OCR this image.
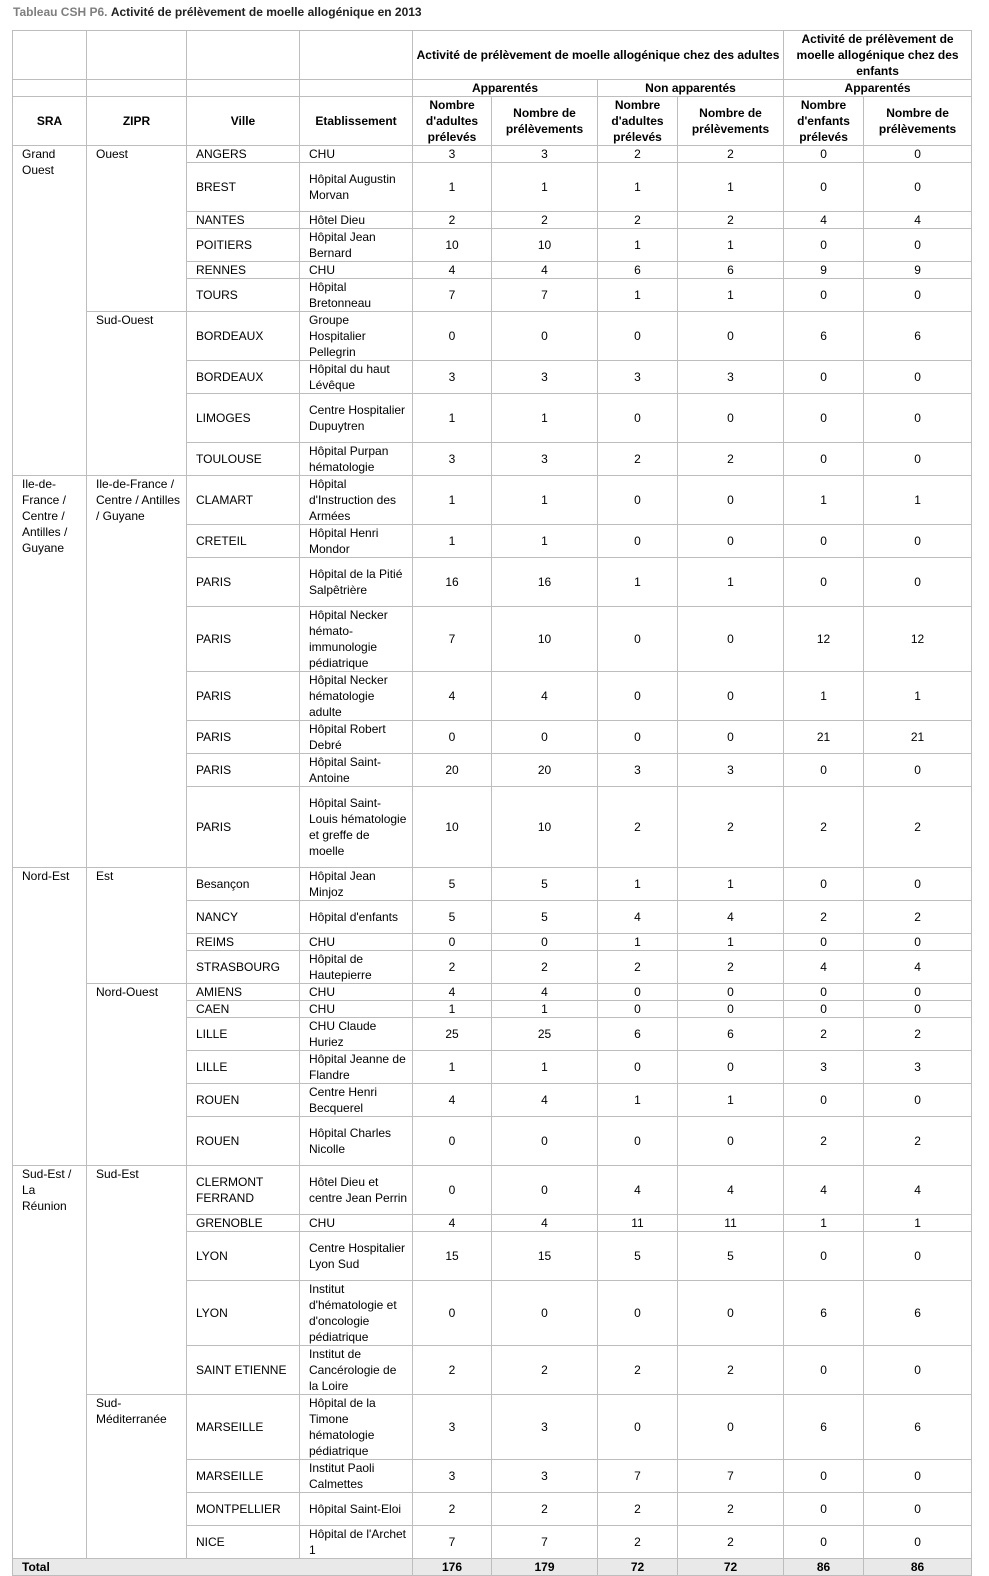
Tableau CSH P6. Activité de prélèvement de moelle allogénique en 2013
				Activité de prélèvement de moelle allogénique chez des adultes				Activité de prélèvement de moelle allogénique chez des enfants	
				Apparentés		Non apparentés		Apparentés	
SRA	ZIPR	Ville	Etablissement	Nombre d'adultes prélevés	Nombre de prélèvements	Nombre d'adultes prélevés	Nombre de prélèvements	Nombre d'enfants prélevés	Nombre de prélèvements
Grand Ouest	Ouest	ANGERS	CHU	3	3	2	2	0	0
		BREST	Hôpital Augustin Morvan	1	1	1	1	0	0
		NANTES	Hôtel Dieu	2	2	2	2	4	4
		POITIERS	Hôpital Jean Bernard	10	10	1	1	0	0
		RENNES	CHU	4	4	6	6	9	9
		TOURS	Hôpital Bretonneau	7	7	1	1	0	0
	Sud-Ouest	BORDEAUX	Groupe Hospitalier Pellegrin	0	0	0	0	6	6
		BORDEAUX	Hôpital du haut Lévêque	3	3	3	3	0	0
		LIMOGES	Centre Hospitalier Dupuytren	1	1	0	0	0	0
		TOULOUSE	Hôpital Purpan hématologie	3	3	2	2	0	0
Ile-de-France / Centre / Antilles / Guyane	Ile-de-France / Centre / Antilles / Guyane	CLAMART	Hôpital d'Instruction des Armées	1	1	0	0	1	1
		CRETEIL	Hôpital Henri Mondor	1	1	0	0	0	0
		PARIS	Hôpital de la Pitié Salpêtrière	16	16	1	1	0	0
		PARIS	Hôpital Necker hémato-immunologie pédiatrique	7	10	0	0	12	12
		PARIS	Hôpital Necker hématologie adulte	4	4	0	0	1	1
		PARIS	Hôpital Robert Debré	0	0	0	0	21	21
		PARIS	Hôpital Saint-Antoine	20	20	3	3	0	0
		PARIS	Hôpital Saint-Louis hématologie et greffe de moelle	10	10	2	2	2	2
Nord-Est	Est	Besançon	Hôpital Jean Minjoz	5	5	1	1	0	0
		NANCY	Hôpital d'enfants	5	5	4	4	2	2
		REIMS	CHU	0	0	1	1	0	0
		STRASBOURG	Hôpital de Hautepierre	2	2	2	2	4	4
	Nord-Ouest	AMIENS	CHU	4	4	0	0	0	0
		CAEN	CHU	1	1	0	0	0	0
		LILLE	CHU Claude Huriez	25	25	6	6	2	2
		LILLE	Hôpital Jeanne de Flandre	1	1	0	0	3	3
		ROUEN	Centre Henri Becquerel	4	4	1	1	0	0
		ROUEN	Hôpital Charles Nicolle	0	0	0	0	2	2
Sud-Est / La Réunion	Sud-Est	CLERMONT FERRAND	Hôtel Dieu et centre Jean Perrin	0	0	4	4	4	4
		GRENOBLE	CHU	4	4	11	11	1	1
		LYON	Centre Hospitalier Lyon Sud	15	15	5	5	0	0
		LYON	Institut d'hématologie et d'oncologie pédiatrique	0	0	0	0	6	6
		SAINT ETIENNE	Institut de Cancérologie de la Loire	2	2	2	2	0	0
	Sud-Méditerranée	MARSEILLE	Hôpital de la Timone hématologie pédiatrique	3	3	0	0	6	6
		MARSEILLE	Institut Paoli Calmettes	3	3	7	7	0	0
		MONTPELLIER	Hôpital Saint-Eloi	2	2	2	2	0	0
		NICE	Hôpital de l'Archet 1	7	7	2	2	0	0
Total				176	179	72	72	86	86
